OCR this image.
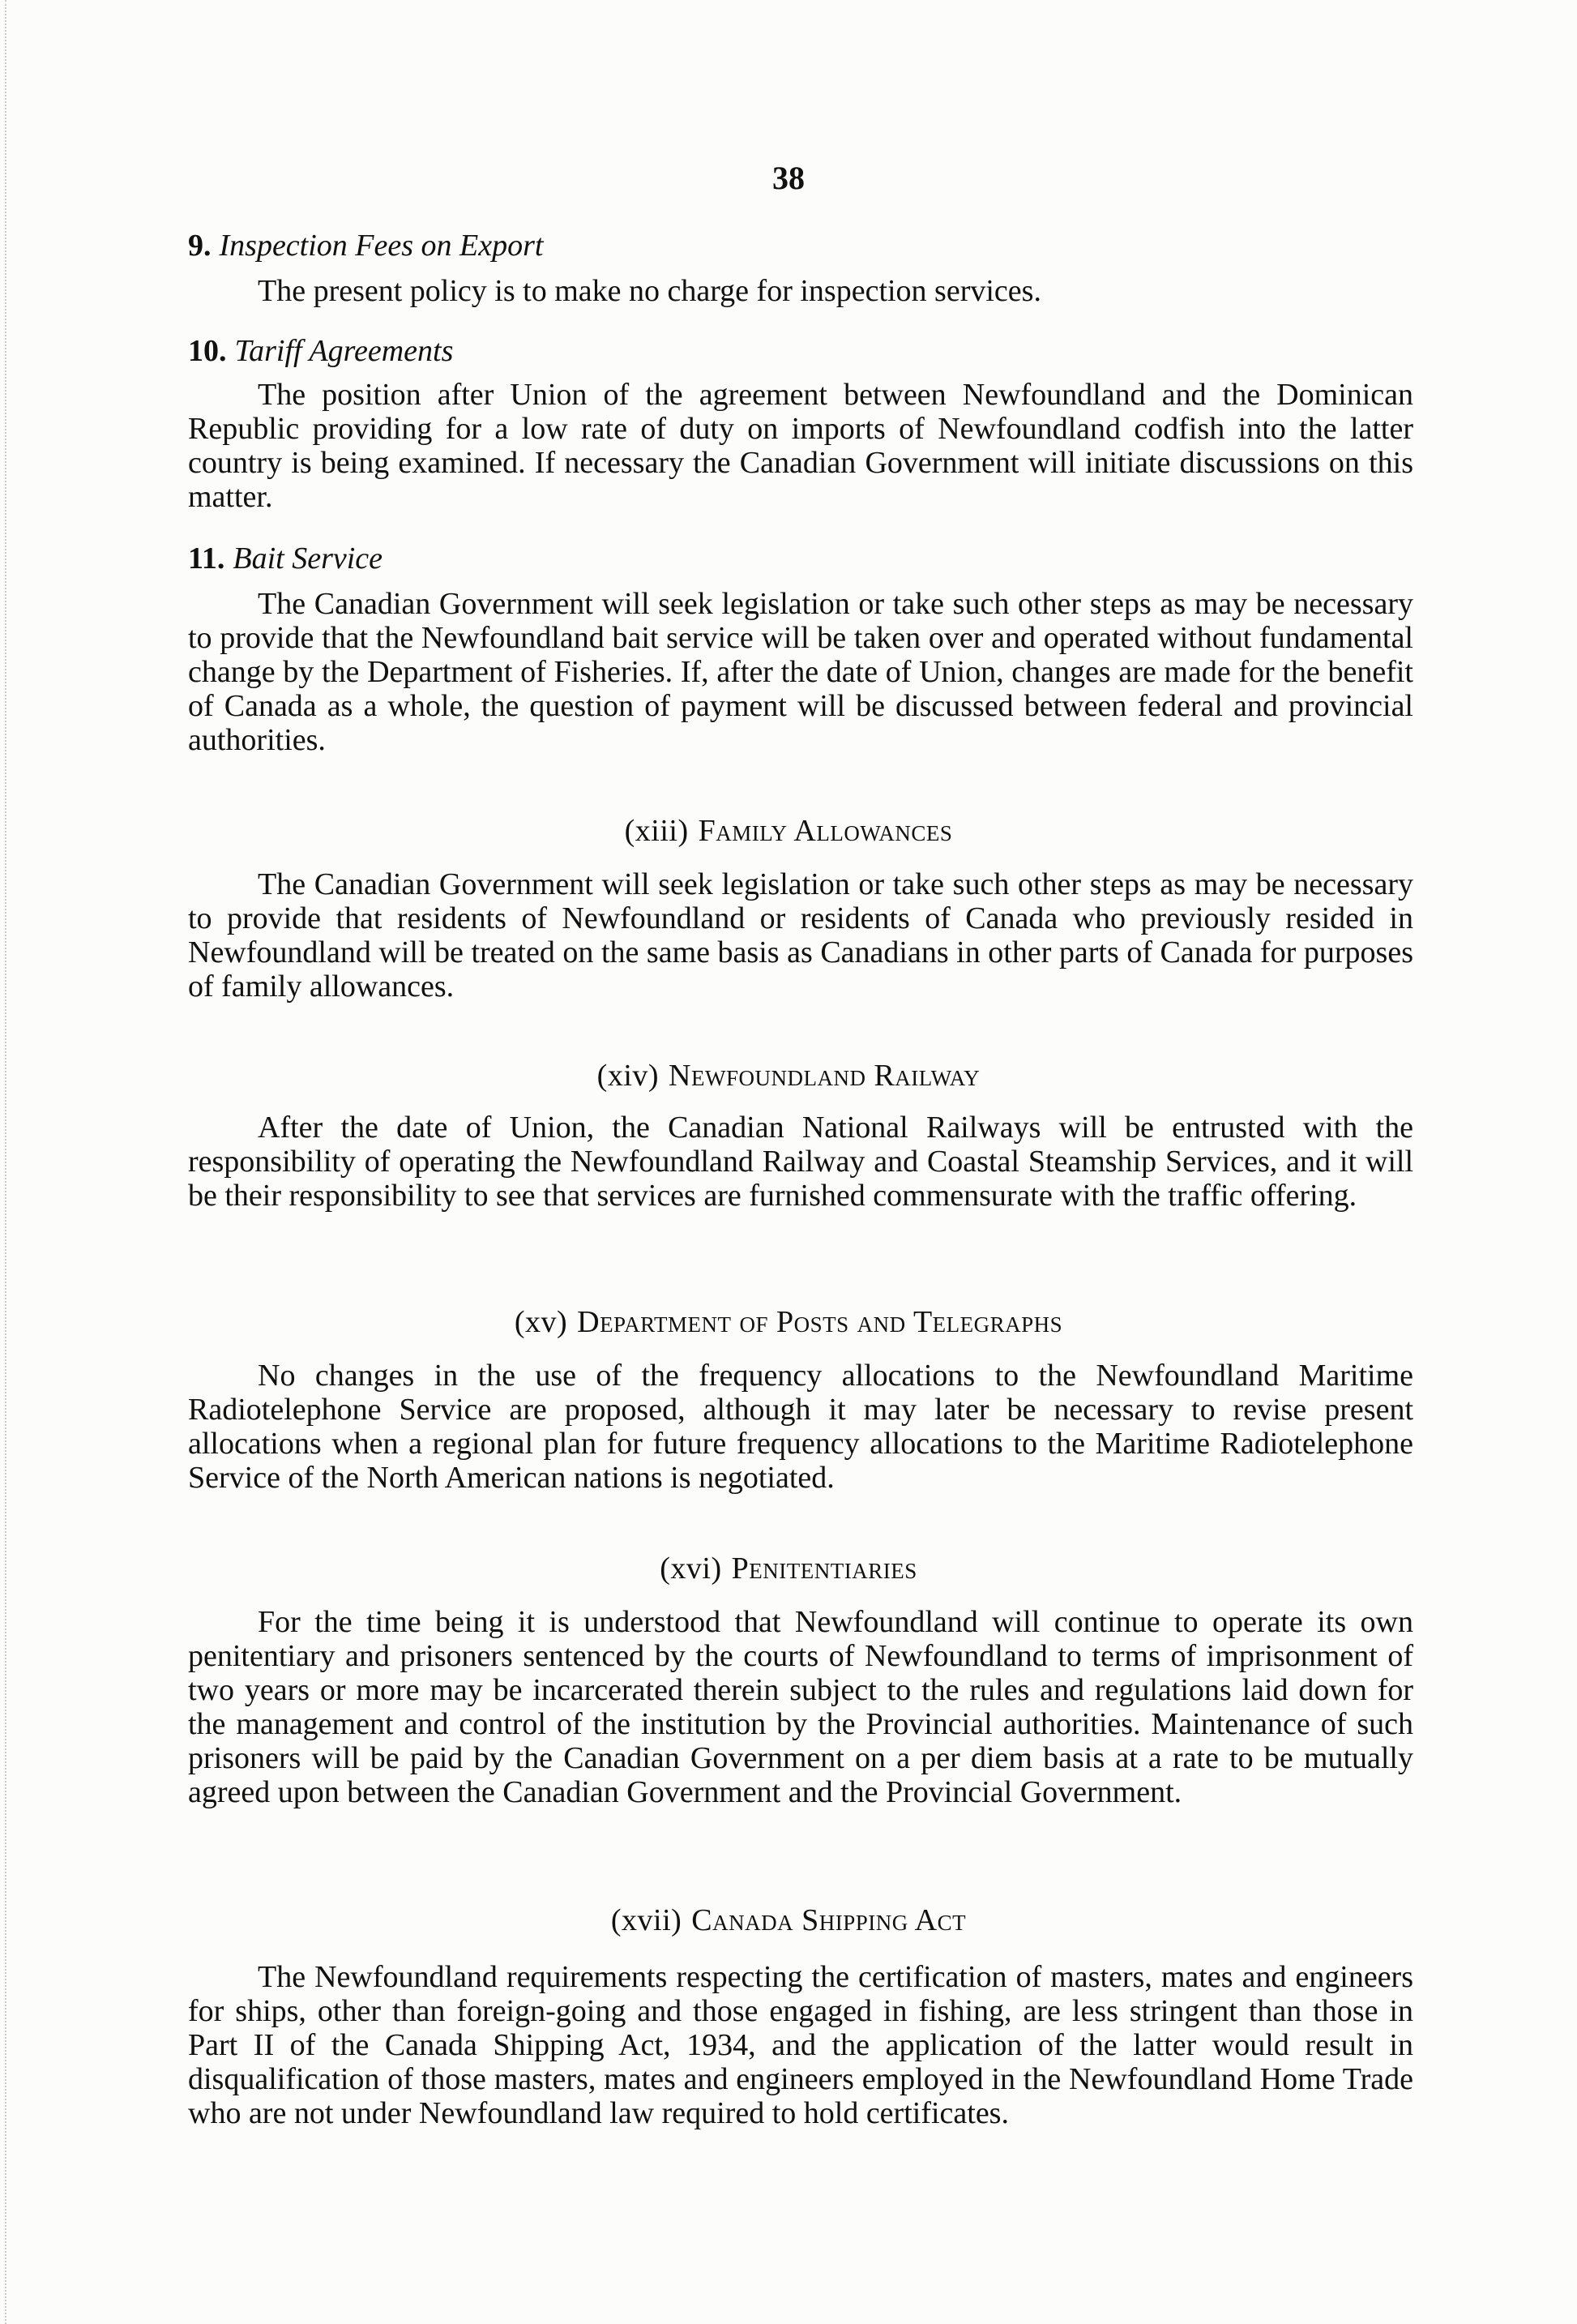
38
9. Inspection Fees on Export

The present policy is to make no charge for inspection services.

10. Tariff Agreements

The position after Union of the agreement between Newfoundland and the Dominican Republic providing for a low rate of duty on imports of Newfoundland codfish into the latter country is being examined. If necessary the Canadian Government will initiate discussions on this matter.

11. Bait Service

The Canadian Government will seek legislation or take such other steps as may be necessary to provide that the Newfoundland bait service will be taken over and operated without fundamental change by the Department of Fisheries. If, after the date of Union, changes are made for the benefit of Canada as a whole, the question of payment will be discussed between federal and provincial authorities.

(xiii) Family Allowances

The Canadian Government will seek legislation or take such other steps as may be necessary to provide that residents of Newfoundland or residents of Canada who previously resided in Newfoundland will be treated on the same basis as Canadians in other parts of Canada for purposes of family allowances.

(xiv) Newfoundland Railway

After the date of Union, the Canadian National Railways will be entrusted with the responsibility of operating the Newfoundland Railway and Coastal Steamship Services, and it will be their responsibility to see that services are furnished commensurate with the traffic offering.

(xv) Department of Posts and Telegraphs

No changes in the use of the frequency allocations to the Newfoundland Maritime Radiotelephone Service are proposed, although it may later be necessary to revise present allocations when a regional plan for future frequency allocations to the Maritime Radiotelephone Service of the North American nations is negotiated.

(xvi) Penitentiaries

For the time being it is understood that Newfoundland will continue to operate its own penitentiary and prisoners sentenced by the courts of Newfoundland to terms of imprisonment of two years or more may be incarcerated therein subject to the rules and regulations laid down for the management and control of the institution by the Provincial authorities. Maintenance of such prisoners will be paid by the Canadian Government on a per diem basis at a rate to be mutually agreed upon between the Canadian Government and the Provincial Government.

(xvii) Canada Shipping Act

The Newfoundland requirements respecting the certification of masters, mates and engineers for ships, other than foreign-going and those engaged in fishing, are less stringent than those in Part II of the Canada Shipping Act, 1934, and the application of the latter would result in disqualification of those masters, mates and engineers employed in the Newfoundland Home Trade who are not under Newfoundland law required to hold certificates.
